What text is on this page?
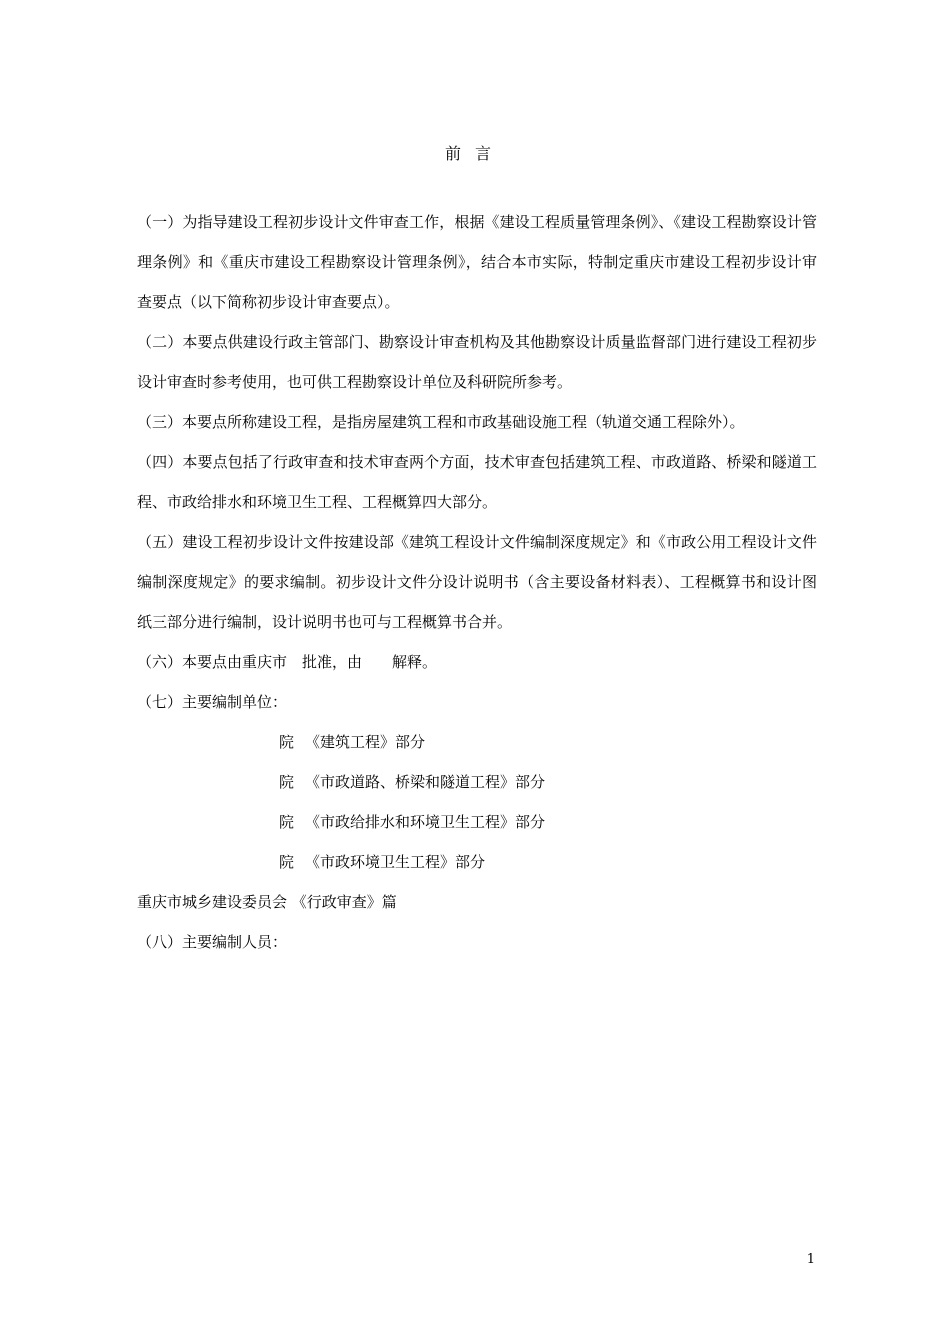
前言

（一）为指导建设工程初步设计文件审查工作，根据《建设工程质量管理条例》、《建设工程勘察设计管理条例》和《重庆市建设工程勘察设计管理条例》，结合本市实际，特制定重庆市建设工程初步设计审查要点（以下简称初步设计审查要点）。

（二）本要点供建设行政主管部门、勘察设计审查机构及其他勘察设计质量监督部门进行建设工程初步设计审查时参考使用，也可供工程勘察设计单位及科研院所参考。

（三）本要点所称建设工程，是指房屋建筑工程和市政基础设施工程（轨道交通工程除外）。

（四）本要点包括了行政审查和技术审查两个方面，技术审查包括建筑工程、市政道路、桥梁和隧道工程、市政给排水和环境卫生工程、工程概算四大部分。

（五）建设工程初步设计文件按建设部《建筑工程设计文件编制深度规定》和《市政公用工程设计文件编制深度规定》的要求编制。初步设计文件分设计说明书（含主要设备材料表）、工程概算书和设计图纸三部分进行编制，设计说明书也可与工程概算书合并。

（六）本要点由重庆市　批准，由　　解释。

（七）主要编制单位：

院 《建筑工程》部分

院 《市政道路、桥梁和隧道工程》部分

院 《市政给排水和环境卫生工程》部分

院 《市政环境卫生工程》部分

重庆市城乡建设委员会 《行政审查》篇

（八）主要编制人员：

1
